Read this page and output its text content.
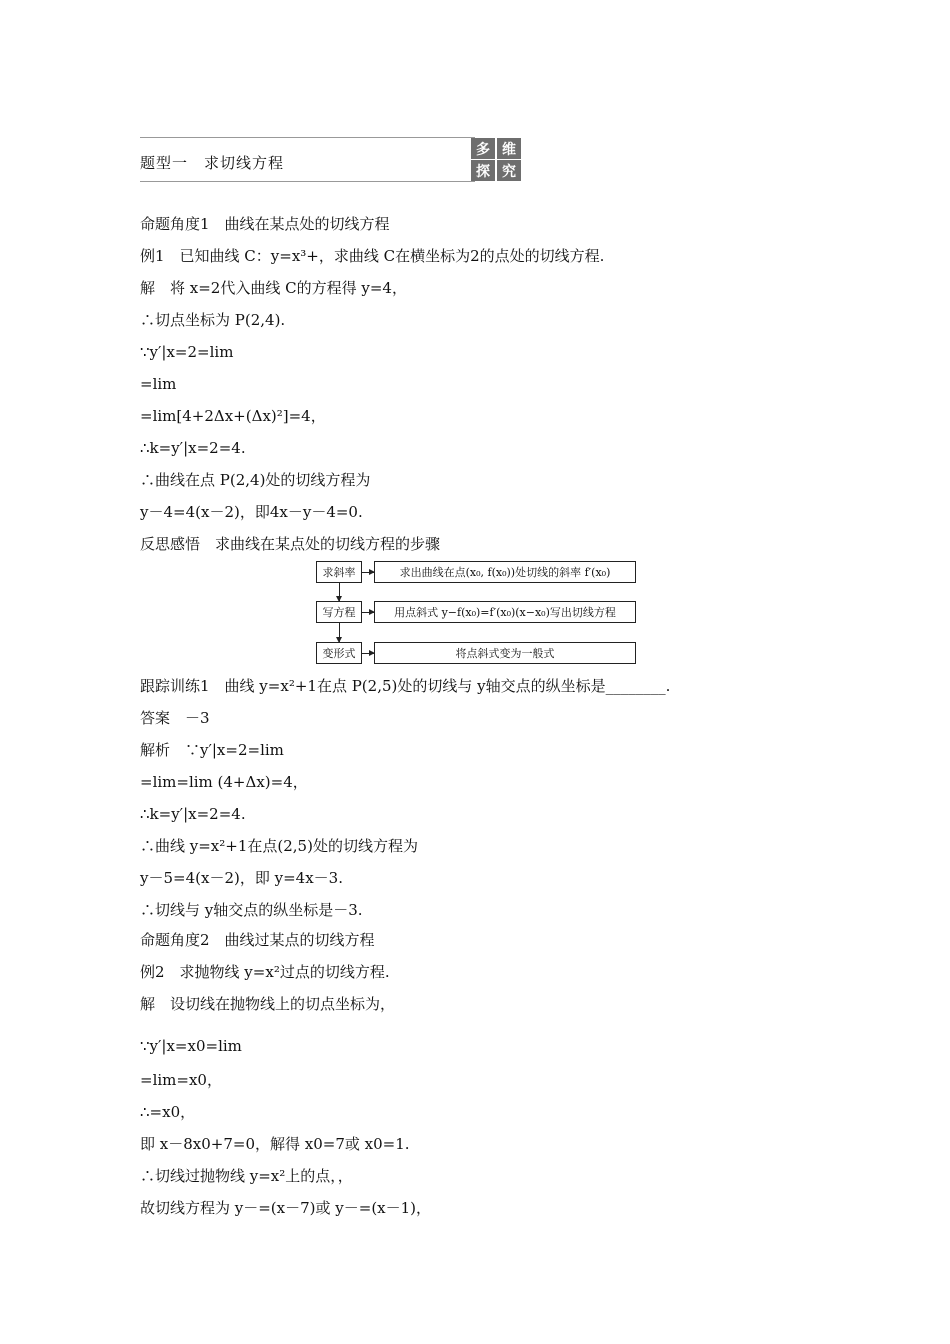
题型一　求切线方程
多 维
探 究
命题角度1　曲线在某点处的切线方程
例1　已知曲线 C：y=x³+，求曲线 C在横坐标为2的点处的切线方程.
解　将 x=2代入曲线 C的方程得 y=4，
∴切点坐标为 P(2,4).
∵y′|x=2=lim
=lim
=lim[4+2Δx+(Δx)²]=4，
∴k=y′|x=2=4.
∴曲线在点 P(2,4)处的切线方程为
y－4=4(x－2)，即4x－y－4=0.
反思感悟　求曲线在某点处的切线方程的步骤
求斜率	求出曲线在点(x₀, f(x₀))处切线的斜率 f′(x₀)
写方程	用点斜式 y−f(x₀)=f′(x₀)(x−x₀)写出切线方程
变形式	将点斜式变为一般式
跟踪训练1　曲线 y=x²+1在点 P(2,5)处的切线与 y轴交点的纵坐标是________.
答案　－3
解析　∵y′|x=2=lim
=lim=lim (4+Δx)=4，
∴k=y′|x=2=4.
∴曲线 y=x²+1在点(2,5)处的切线方程为
y－5=4(x－2)，即 y=4x－3.
∴切线与 y轴交点的纵坐标是－3.
命题角度2　曲线过某点的切线方程
例2　求抛物线 y=x²过点的切线方程.
解　设切线在抛物线上的切点坐标为，
∵y′|x=x0=lim
=lim=x0，
∴=x0，
即 x－8x0+7=0，解得 x0=7或 x0=1.
∴切线过抛物线 y=x²上的点，，
故切线方程为 y－=(x－7)或 y－=(x－1)，
